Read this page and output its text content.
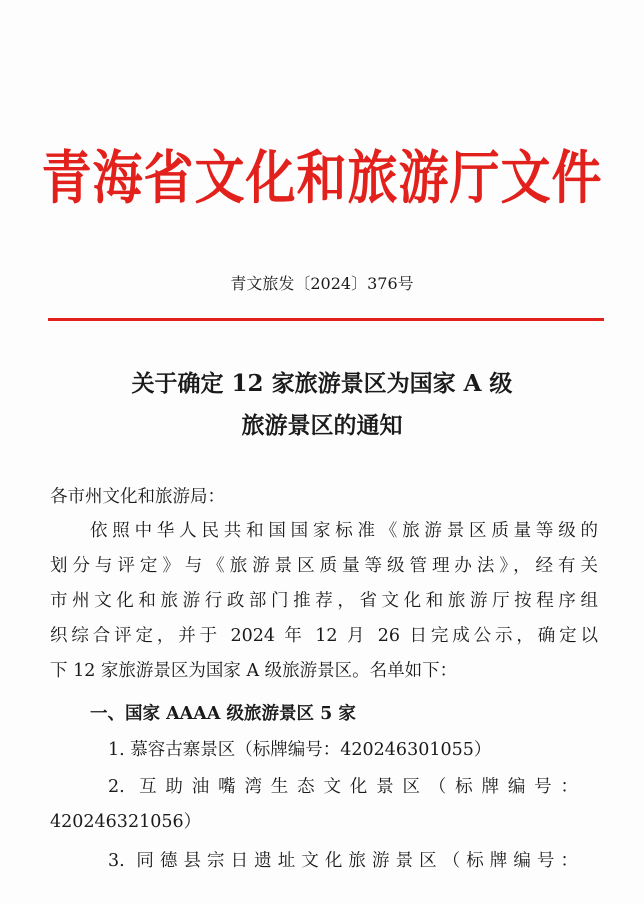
青海省文化和旅游厅文件
青文旅发〔2024〕376号
关于确定 12 家旅游景区为国家 A 级
旅游景区的通知
各市州文化和旅游局：
依照中华人民共和国国家标准《旅游景区质量等级的
划分与评定》与《旅游景区质量等级管理办法》，经有关
市州文化和旅游行政部门推荐，省文化和旅游厅按程序组
织综合评定，并于 2024 年 12 月 26 日完成公示，确定以
下 12 家旅游景区为国家 A 级旅游景区。名单如下：
一、国家 AAAA 级旅游景区 5 家
1. 慕容古寨景区（标牌编号：420246301055）
2. 互助油嘴湾生态文化景区（标牌编号：
420246321056）
3. 同德县宗日遗址文化旅游景区（标牌编号：
